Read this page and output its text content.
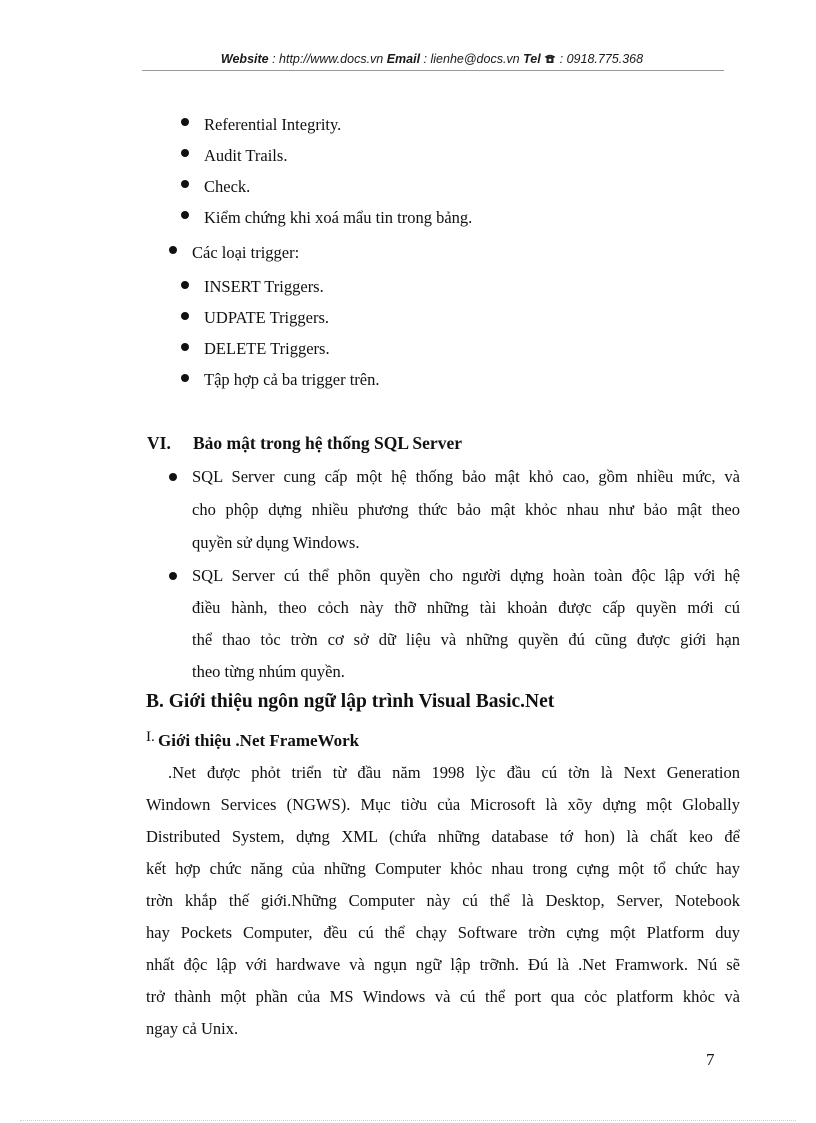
Website : http://www.docs.vn Email : lienhe@docs.vn Tel  : 0918.775.368
Referential Integrity.
Audit Trails.
Check.
Kiểm chứng khi xoá mẩu tin trong bảng.
Các loại trigger:
INSERT Triggers.
UDPATE Triggers.
DELETE Triggers.
Tập hợp cả ba trigger trên.
VI. Bảo mật trong hệ thống SQL Server
SQL Server cung cấp một hệ thống bảo mật khỏ cao, gồm nhiều mức, và
cho phộp dựng nhiều phương thức bảo mật khỏc nhau như bảo mật theo
quyền sử dụng Windows.
SQL Server cú thể phõn quyền cho người dựng hoàn toàn độc lập với hệ
điều hành, theo cỏch này thỡ những tài khoản được cấp quyền mới cú
thể thao tỏc trờn cơ sở dữ liệu và những quyền đú cũng được giới hạn
theo từng nhúm quyền.
B. Giới thiệu ngôn ngữ lập trình Visual Basic.Net
I. Giới thiệu .Net FrameWork
.Net được phỏt triển từ đầu năm 1998 lỳc đầu cú tờn là Next Generation
Windown Services (NGWS). Mục tiờu của Microsoft là xõy dựng một Globally
Distributed System, dựng XML (chứa những database tớ hon) là chất keo để
kết hợp chức năng của những Computer khỏc nhau trong cựng một tổ chức hay
trờn khắp thế giới.Những Computer này cú thể là Desktop, Server, Notebook
hay Pockets Computer, đều cú thể chạy Software trờn cựng một Platform duy
nhất độc lập với hardwave và ngụn ngữ lập trỡnh. Đú là .Net Framwork. Nú sẽ
trở thành một phần của MS Windows và cú thể port qua cỏc platform khỏc và
ngay cả Unix.
7
